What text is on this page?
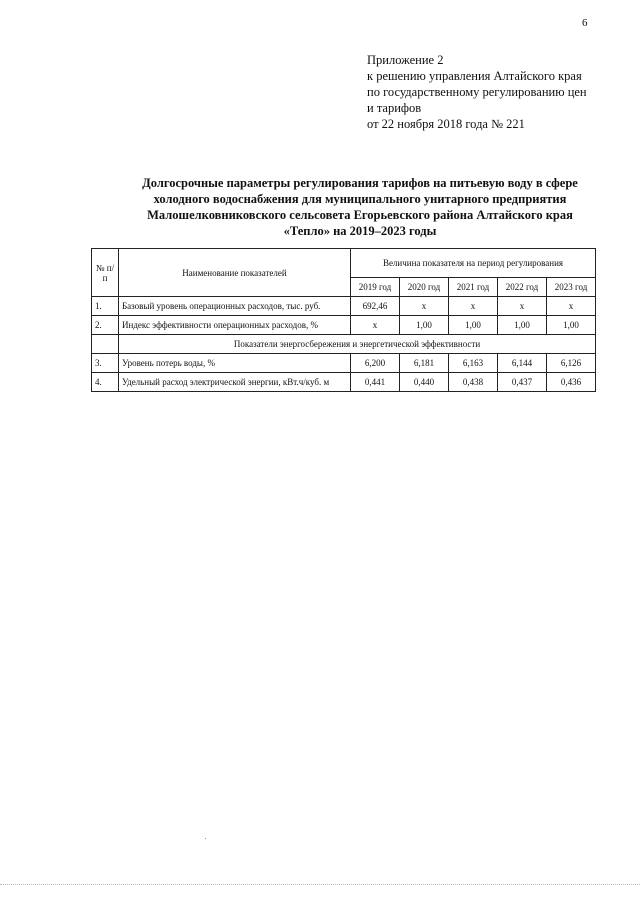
6
Приложение 2
к решению управления Алтайского края
по государственному регулированию цен
и тарифов
от 22 ноября 2018 года № 221
Долгосрочные параметры регулирования тарифов на питьевую воду в сфере
холодного водоснабжения для муниципального унитарного предприятия
Малошелковниковского сельсовета Егорьевского района Алтайского края
«Тепло» на 2019–2023 годы
№ п/п	Наименование показателей	Величина показателя на период регулирования				
		2019 год	2020 год	2021 год	2022 год	2023 год
1.	Базовый уровень операционных расходов, тыс. руб.	692,46	x	x	x	x
2.	Индекс эффективности операционных расходов, %	x	1,00	1,00	1,00	1,00
	Показатели энергосбережения и энергетической эффективности					
3.	Уровень потерь воды, %	6,200	6,181	6,163	6,144	6,126
4.	Удельный расход электрической энергии, кВт.ч/куб. м	0,441	0,440	0,438	0,437	0,436
